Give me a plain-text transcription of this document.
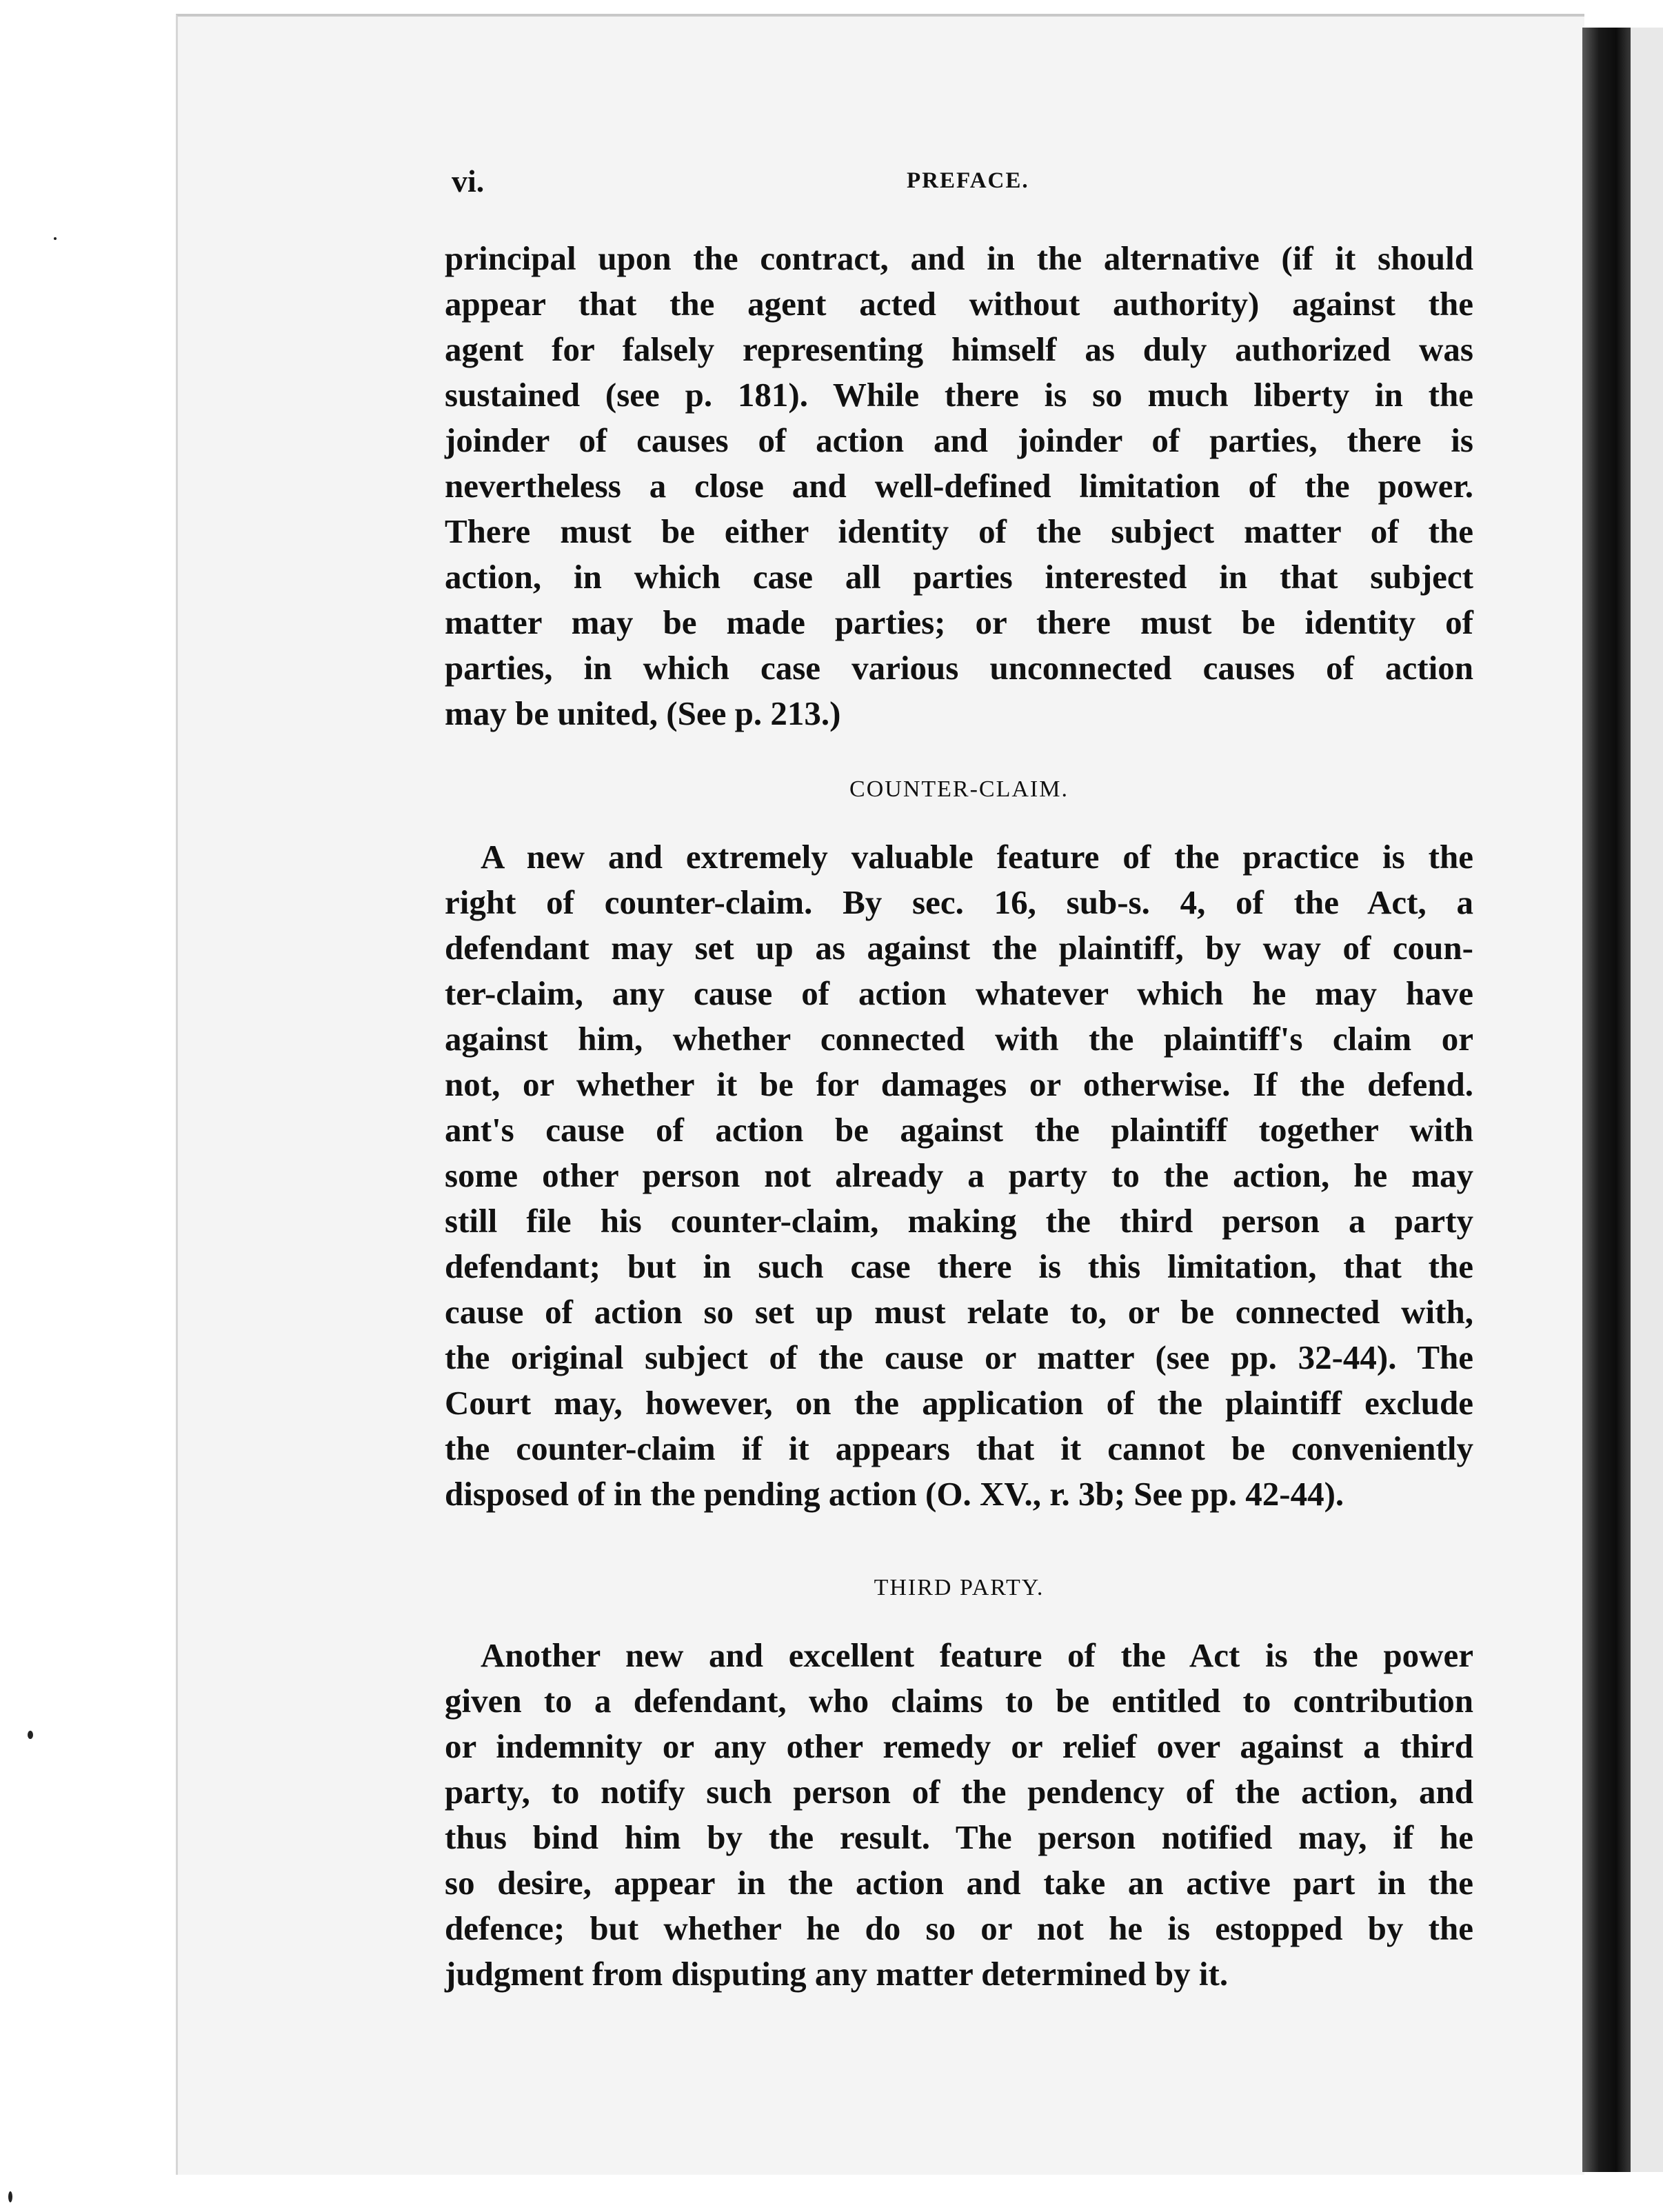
vi.	PREFACE.

principal upon the contract, and in the alternative (if it should

appear that the agent acted without authority) against the

agent for falsely representing himself as duly authorized was

sustained (see p. 181). While there is so much liberty in the

joinder of causes of action and joinder of parties, there is

nevertheless a close and well-defined limitation of the power.

There must be either identity of the subject matter of the

action, in which case all parties interested in that subject

matter may be made parties; or there must be identity of

parties, in which case various unconnected causes of action

may be united, (See p. 213.)

COUNTER-CLAIM.

A new and extremely valuable feature of the practice is the

right of counter-claim. By sec. 16, sub-s. 4, of the Act, a

defendant may set up as against the plaintiff, by way of coun-

ter-claim, any cause of action whatever which he may have

against him, whether connected with the plaintiff's claim or

not, or whether it be for damages or otherwise. If the defend.

ant's cause of action be against the plaintiff together with

some other person not already a party to the action, he may

still file his counter-claim, making the third person a party

defendant; but in such case there is this limitation, that the

cause of action so set up must relate to, or be connected with,

the original subject of the cause or matter (see pp. 32-44). The

Court may, however, on the application of the plaintiff exclude

the counter-claim if it appears that it cannot be conveniently

disposed of in the pending action (O. XV., r. 3b; See pp. 42-44).

THIRD PARTY.

Another new and excellent feature of the Act is the power

given to a defendant, who claims to be entitled to contribution

or indemnity or any other remedy or relief over against a third

party, to notify such person of the pendency of the action, and

thus bind him by the result. The person notified may, if he

so desire, appear in the action and take an active part in the

defence; but whether he do so or not he is estopped by the

judgment from disputing any matter determined by it.
